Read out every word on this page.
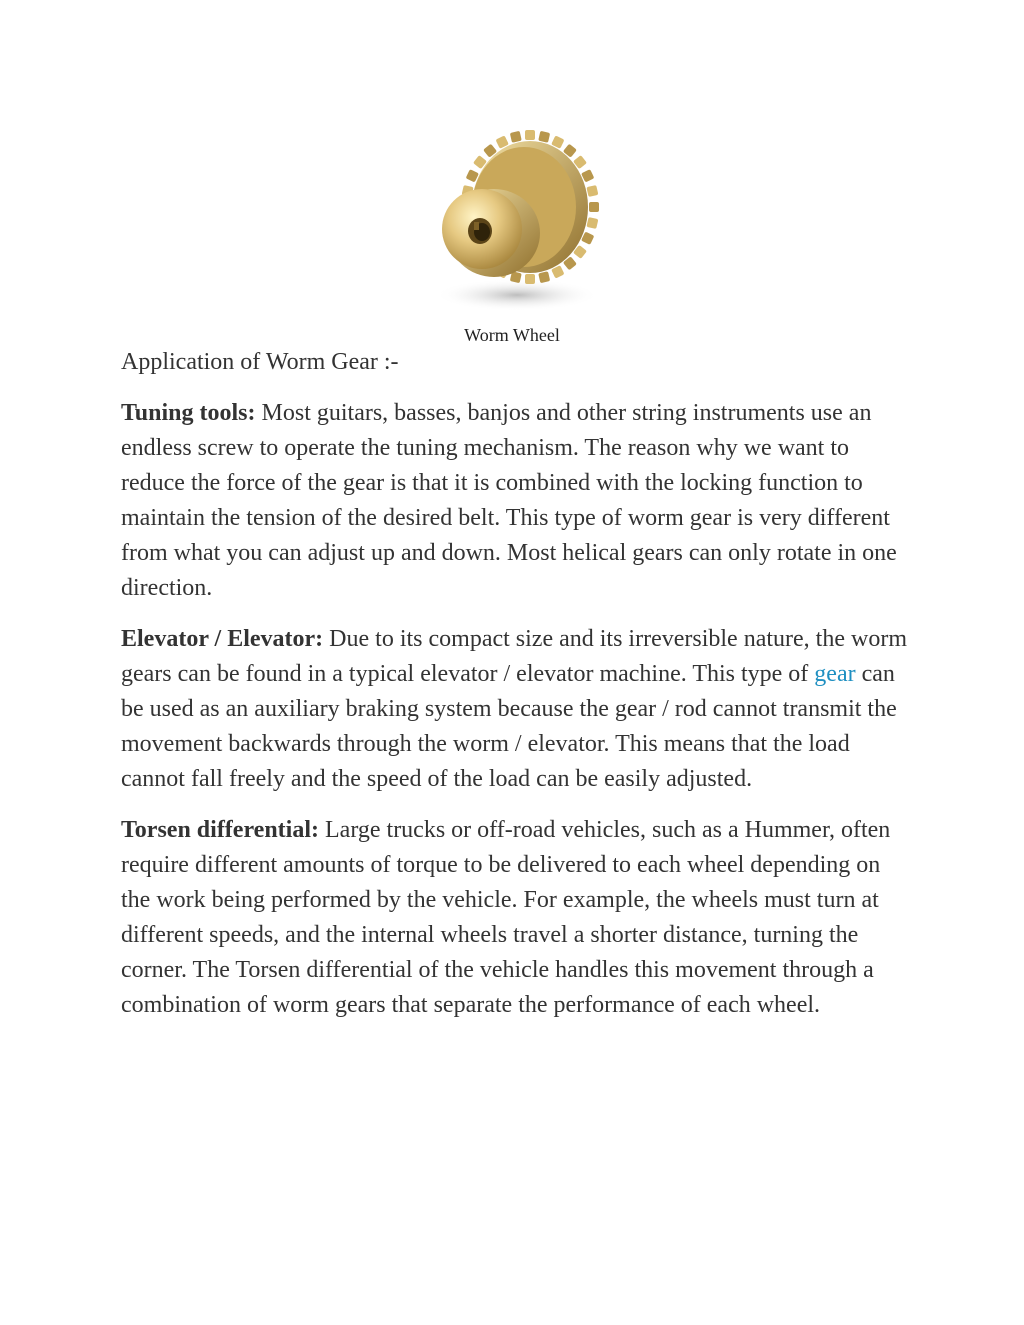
Worm Wheel
Application of Worm Gear :-

Tuning tools: Most guitars, basses, banjos and other string instruments use an endless screw to operate the tuning mechanism. The reason why we want to reduce the force of the gear is that it is combined with the locking function to maintain the tension of the desired belt. This type of worm gear is very different from what you can adjust up and down. Most helical gears can only rotate in one direction.

Elevator / Elevator: Due to its compact size and its irreversible nature, the worm gears can be found in a typical elevator / elevator machine. This type of gear can be used as an auxiliary braking system because the gear / rod cannot transmit the movement backwards through the worm / elevator. This means that the load cannot fall freely and the speed of the load can be easily adjusted.

Torsen differential: Large trucks or off-road vehicles, such as a Hummer, often require different amounts of torque to be delivered to each wheel depending on the work being performed by the vehicle. For example, the wheels must turn at different speeds, and the internal wheels travel a shorter distance, turning the corner. The Torsen differential of the vehicle handles this movement through a combination of worm gears that separate the performance of each wheel.
